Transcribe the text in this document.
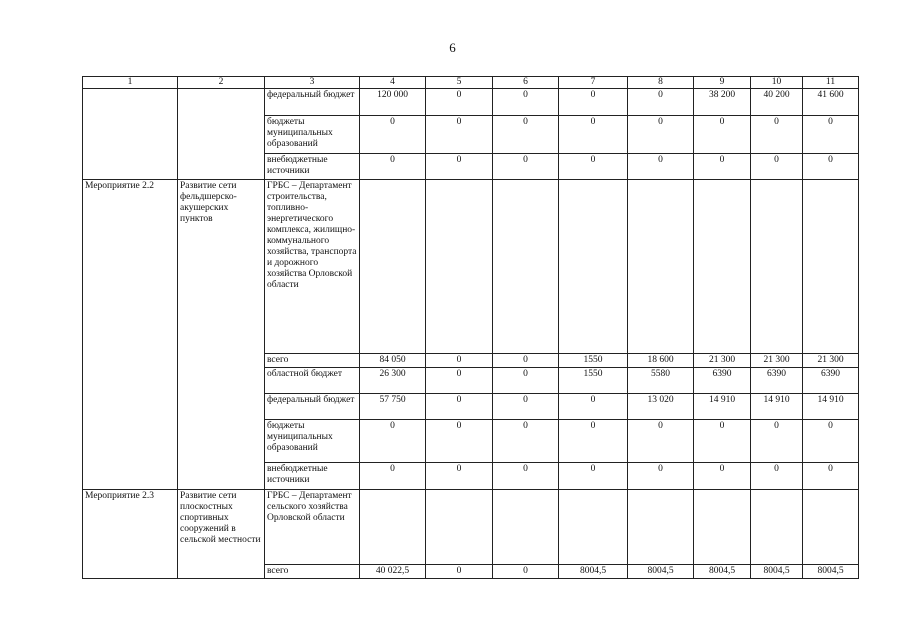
6
1	2	3	4	5	6	7	8	9	10	11
		федеральный бюджет	120 000	0	0	0	0	38 200	40 200	41 600
		бюджеты муниципальных образований	0	0	0	0	0	0	0	0
		внебюджетные источники	0	0	0	0	0	0	0	0
Мероприятие 2.2	Развитие сети фельдшерско-акушерских пунктов	ГРБС – Департамент строительства, топливно-энергетического комплекса, жилищно-коммунального хозяйства, транспорта и дорожного хозяйства Орловской области								
		всего	84 050	0	0	1550	18 600	21 300	21 300	21 300
		областной бюджет	26 300	0	0	1550	5580	6390	6390	6390
		федеральный бюджет	57 750	0	0	0	13 020	14 910	14 910	14 910
		бюджеты муниципальных образований	0	0	0	0	0	0	0	0
		внебюджетные источники	0	0	0	0	0	0	0	0
Мероприятие 2.3	Развитие сети плоскостных спортивных сооружений в сельской местности	ГРБС – Департамент сельского хозяйства Орловской области								
		всего	40 022,5	0	0	8004,5	8004,5	8004,5	8004,5	8004,5
